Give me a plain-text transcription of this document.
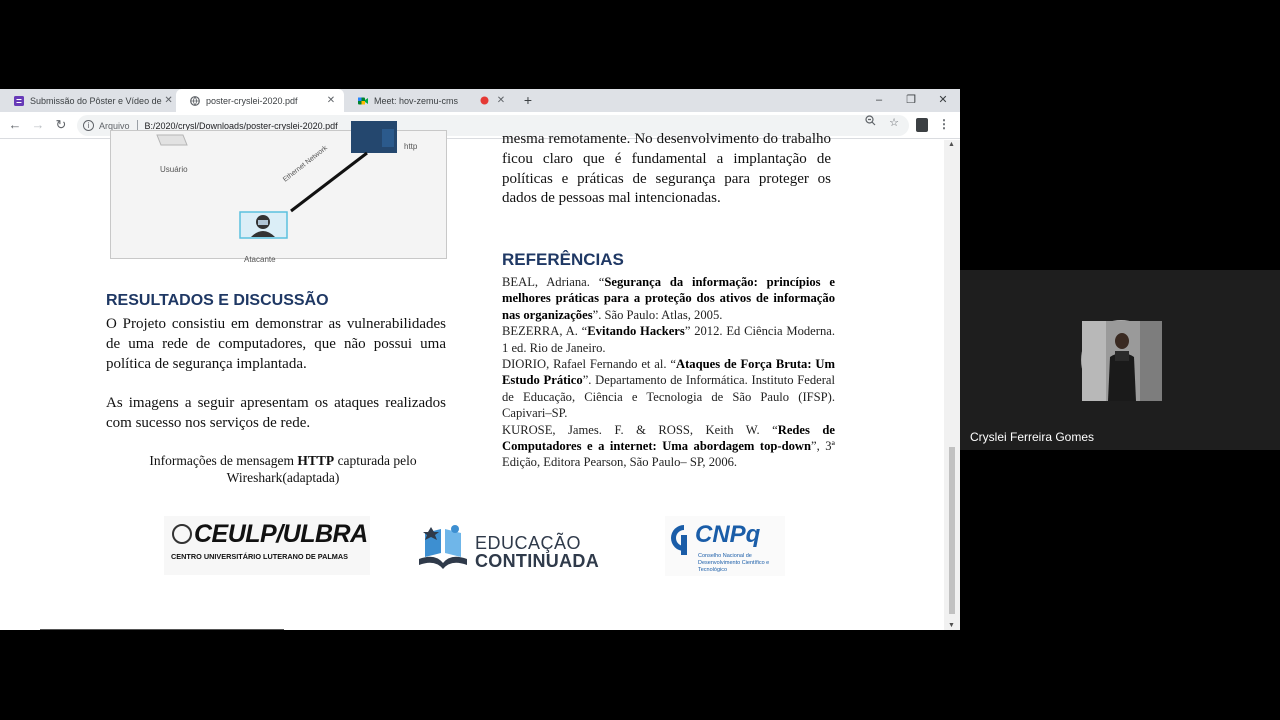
Submissão do Pôster e Vídeo de ✕	poster-cryslei-2020.pdf	✕	Meet: hov-zemu-cms	✕ +	–	❐	✕
← → ↻	i	Arquivo B:/2020/crysl/Downloads/poster-cryslei-2020.pdf	☆	⋮
Usuário
http
Ethernet Network
Atacante
RESULTADOS E DISCUSSÃO
O Projeto consistiu em demonstrar as vulnerabilidades de uma rede de computadores, que não possui uma política de segurança implantada.
As imagens a seguir apresentam os ataques realizados com sucesso nos serviços de rede.
Informações de mensagem HTTP capturada pelo Wireshark(adaptada)
mesma remotamente. No desenvolvimento do trabalho ficou claro que é fundamental a implantação de políticas e práticas de segurança para proteger os dados de pessoas mal intencionadas.
REFERÊNCIAS
BEAL, Adriana. “Segurança da informação: princípios e melhores práticas para a proteção dos ativos de informação nas organizações”. São Paulo: Atlas, 2005.
BEZERRA, A. “Evitando Hackers” 2012. Ed Ciência Moderna. 1 ed. Rio de Janeiro.
DIORIO, Rafael Fernando et al. “Ataques de Força Bruta: Um Estudo Prático”. Departamento de Informática. Instituto Federal de Educação, Ciência e Tecnologia de São Paulo (IFSP). Capivari–SP.
KUROSE, James. F. & ROSS, Keith W. “Redes de Computadores e a internet: Uma abordagem top-down”, 3ª Edição, Editora Pearson, São Paulo– SP, 2006.
CEULP/ULBRA
CENTRO UNIVERSITÁRIO LUTERANO DE PALMAS
EDUCAÇÃO
CONTINUADA
CNPq
Conselho Nacional de Desenvolvimento Científico e Tecnológico
▲
▼
Cryslei Ferreira Gomes
